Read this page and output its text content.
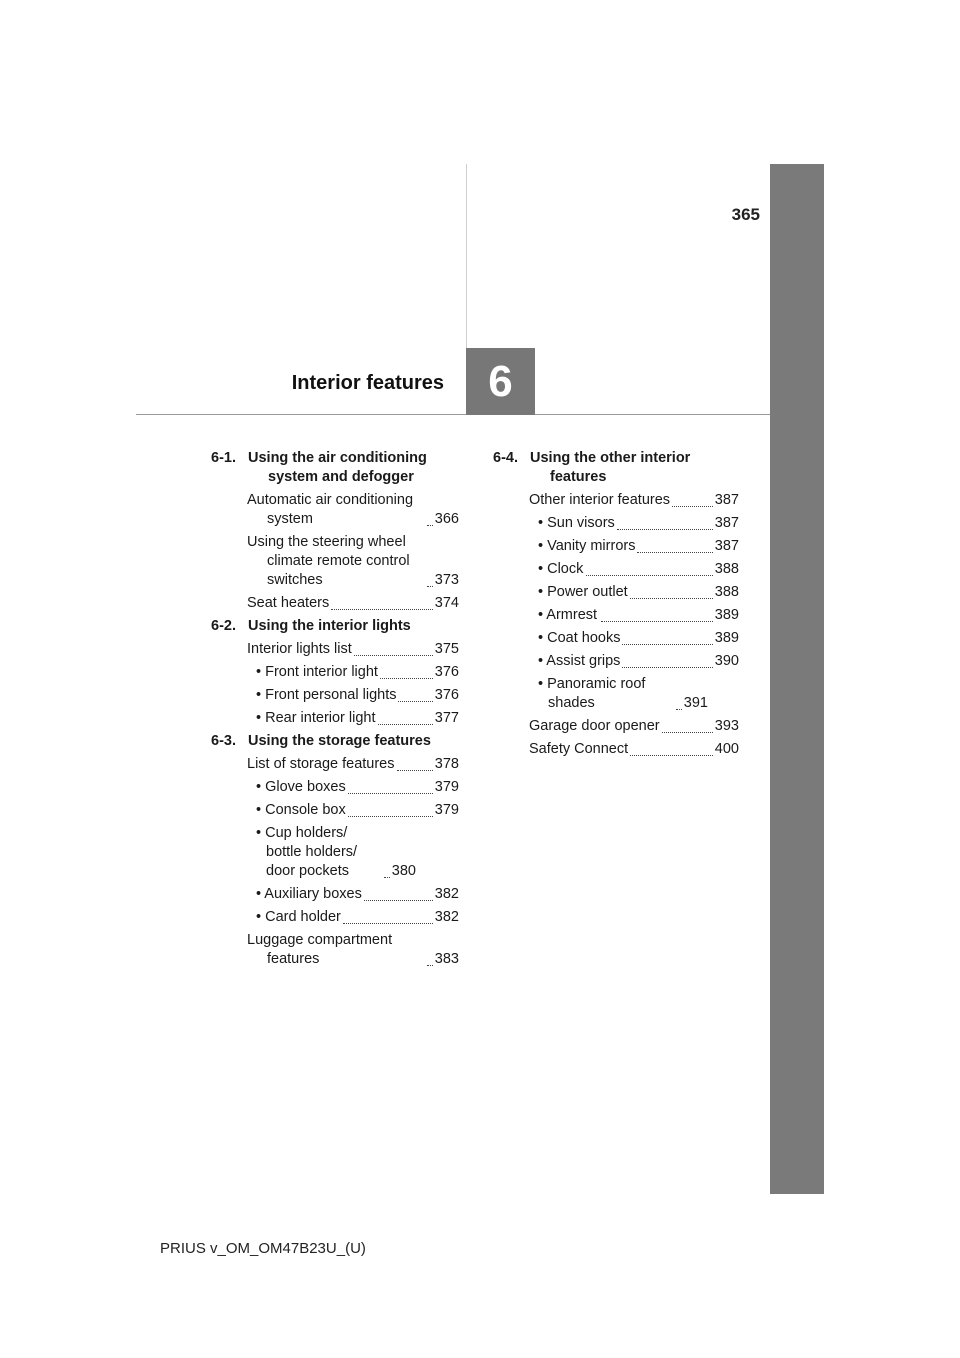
365
Interior features	6
6-1. Using the air conditioning system and defogger
Automatic air conditioning system	366
Using the steering wheel climate remote control switches	373
Seat heaters	374
6-2. Using the interior lights
Interior lights list	375
• Front interior light	376
• Front personal lights	376
• Rear interior light	377
6-3. Using the storage features
List of storage features	378
• Glove boxes	379
• Console box	379
• Cup holders/ bottle holders/ door pockets	380
• Auxiliary boxes	382
• Card holder	382
Luggage compartment features	383
6-4. Using the other interior features
Other interior features	387
• Sun visors	387
• Vanity mirrors	387
• Clock	388
• Power outlet	388
• Armrest	389
• Coat hooks	389
• Assist grips	390
• Panoramic roof shades	391
Garage door opener	393
Safety Connect	400
PRIUS v_OM_OM47B23U_(U)
